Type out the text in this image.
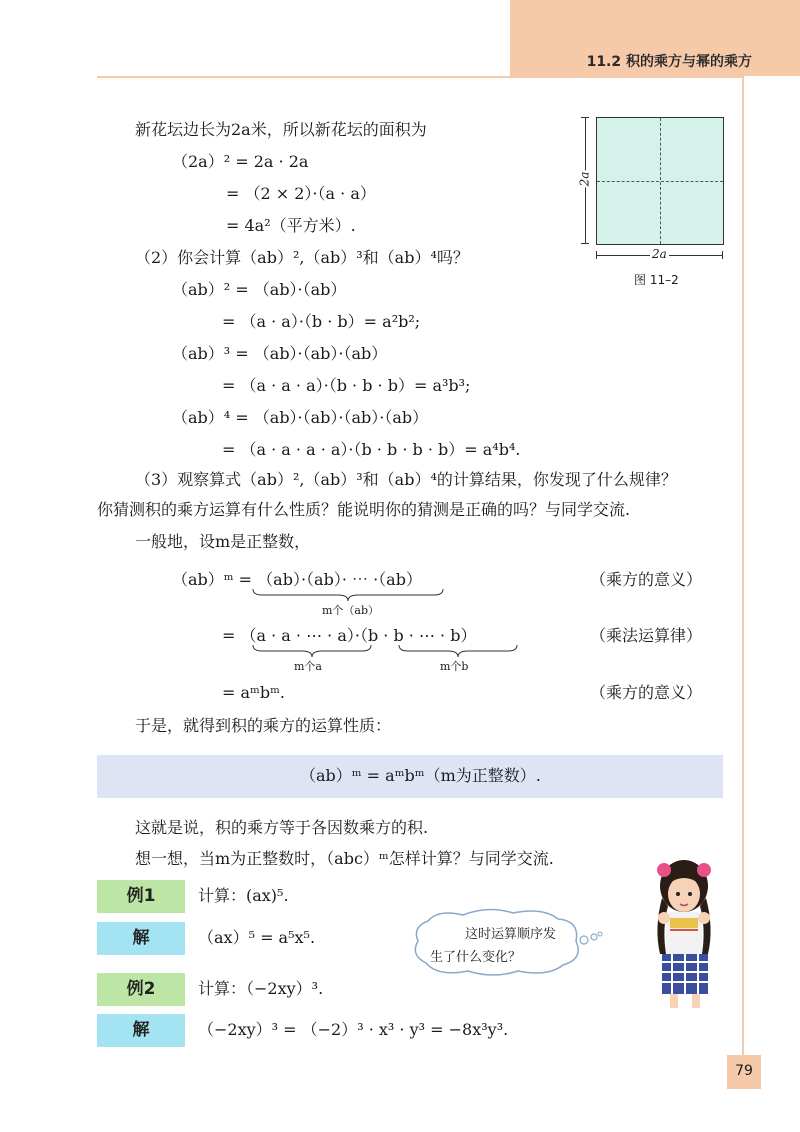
11.2 积的乘方与幂的乘方
2a
2a
图 11–2
新花坛边长为2a米，所以新花坛的面积为
（2a）² = 2a · 2a
= （2 × 2）·（a · a）
= 4a²（平方米）.
（2）你会计算（ab）²,（ab）³和（ab）⁴吗？
（ab）² = （ab）·（ab）
= （a · a）·（b · b）= a²b²;
（ab）³ = （ab）·（ab）·（ab）
= （a · a · a）·（b · b · b）= a³b³;
（ab）⁴ = （ab）·（ab）·（ab）·（ab）
= （a · a · a · a）·（b · b · b · b）= a⁴b⁴.
（3）观察算式（ab）²,（ab）³和（ab）⁴的计算结果，你发现了什么规律？
你猜测积的乘方运算有什么性质？能说明你的猜测是正确的吗？与同学交流.
一般地，设m是正整数，
（ab）ᵐ = （ab）·（ab）· ⋯ ·（ab）
m个（ab）
（乘方的意义）
= （a · a · ⋯ · a）·（b · b · ⋯ · b）
m个a	m个b
（乘法运算律）
= aᵐbᵐ.	（乘方的意义）
于是，就得到积的乘方的运算性质：
（ab）ᵐ = aᵐbᵐ（m为正整数）.
这就是说，积的乘方等于各因数乘方的积.
想一想，当m为正整数时，（abc）ᵐ怎样计算？与同学交流.
例1	计算：(ax)⁵.
解	（ax）⁵ = a⁵x⁵.
例2	计算：（−2xy）³.
解	（−2xy）³ = （−2）³ · x³ · y³ = −8x³y³.
这时运算顺序发
生了什么变化？
79
